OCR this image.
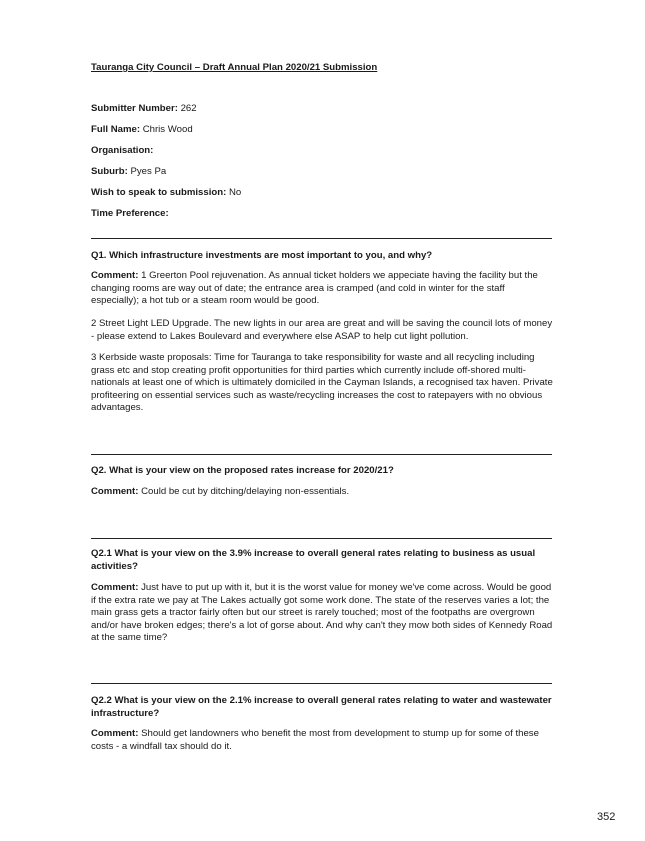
Tauranga City Council – Draft Annual Plan 2020/21 Submission
Submitter Number: 262
Full Name: Chris Wood
Organisation:
Suburb: Pyes Pa
Wish to speak to submission: No
Time Preference:
Q1. Which infrastructure investments are most important to you, and why?
Comment: 1 Greerton Pool rejuvenation. As annual ticket holders we appeciate having the facility but the changing rooms are way out of date; the entrance area is cramped (and cold in winter for the staff especially); a hot tub or a steam room would be good.
2 Street Light LED Upgrade. The new lights in our area are great and will be saving the council lots of money - please extend to Lakes Boulevard and everywhere else ASAP to help cut light pollution.
3 Kerbside waste proposals: Time for Tauranga to take responsibility for waste and all recycling including grass etc and stop creating profit opportunities for third parties which currently include off-shored multi-nationals at least one of which is ultimately domiciled in the Cayman Islands, a recognised tax haven. Private profiteering on essential services such as waste/recycling increases the cost to ratepayers with no obvious advantages.
Q2. What is your view on the proposed rates increase for 2020/21?
Comment: Could be cut by ditching/delaying non-essentials.
Q2.1 What is your view on the 3.9% increase to overall general rates relating to business as usual activities?
Comment: Just have to put up with it, but it is the worst value for money we've come across. Would be good if the extra rate we pay at The Lakes actually got some work done. The state of the reserves varies a lot; the main grass gets a tractor fairly often but our street is rarely touched; most of the footpaths are overgrown and/or have broken edges; there's a lot of gorse about. And why can't they mow both sides of Kennedy Road at the same time?
Q2.2 What is your view on the 2.1% increase to overall general rates relating to water and wastewater infrastructure?
Comment: Should get landowners who benefit the most from development to stump up for some of these costs - a windfall tax should do it.
352
